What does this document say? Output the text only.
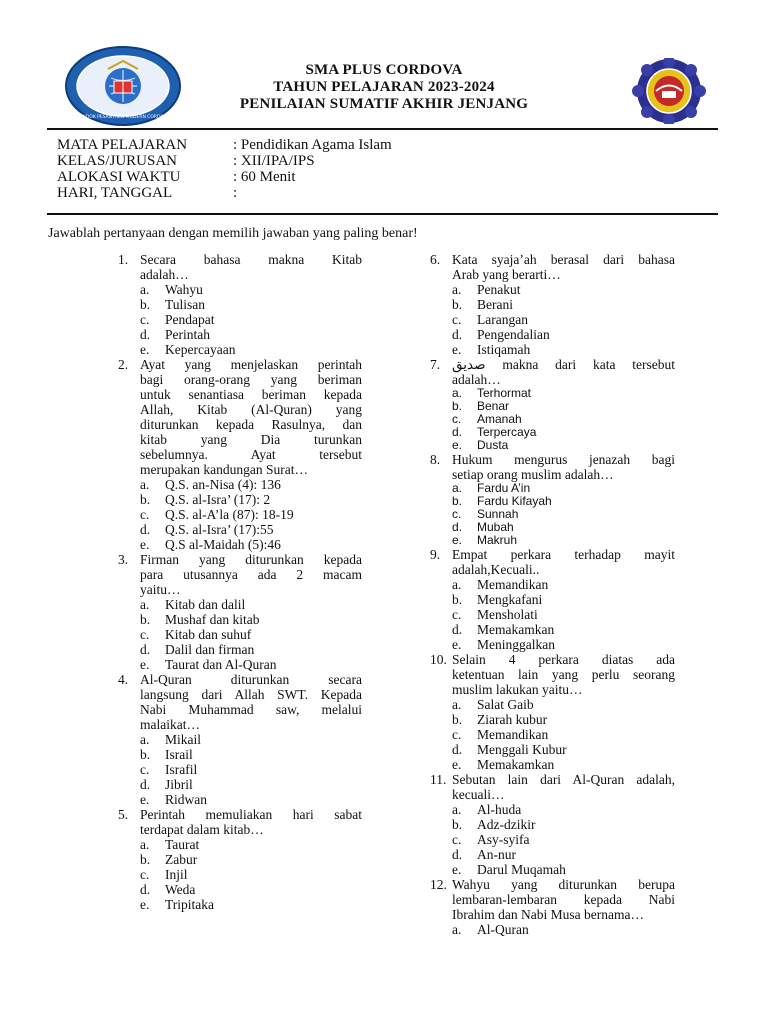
PONDOK PESANTREN MODERN CORDOVA
SMA PLUS CORDOVA
TAHUN PELAJARAN 2023-2024
PENILAIAN SUMATIF AKHIR JENJANG
MATA PELAJARAN	: Pendidikan Agama Islam
KELAS/JURUSAN	: XII/IPA/IPS
ALOKASI WAKTU	: 60 Menit
HARI, TANGGAL	:
Jawablah pertanyaan dengan memilih jawaban yang paling benar!
1. Secara bahasa makna Kitab
adalah…
a. Wahyu
b. Tulisan
c. Pendapat
d. Perintah
e. Kepercayaan
2. Ayat yang menjelaskan perintah
bagi orang-orang yang beriman
untuk senantiasa beriman kepada
Allah, Kitab (Al-Quran) yang
diturunkan kepada Rasulnya, dan
kitab yang Dia turunkan
sebelumnya. Ayat tersebut
merupakan kandungan Surat…
a. Q.S. an-Nisa (4): 136
b. Q.S. al-Isra’ (17): 2
c. Q.S. al-A’la (87): 18-19
d. Q.S. al-Isra’ (17):55
e. Q.S al-Maidah (5):46
3. Firman yang diturunkan kepada
para utusannya ada 2 macam
yaitu…
a. Kitab dan dalil
b. Mushaf dan kitab
c. Kitab dan suhuf
d. Dalil dan firman
e. Taurat dan Al-Quran
4. Al-Quran diturunkan secara
langsung dari Allah SWT. Kepada
Nabi Muhammad saw, melalui
malaikat…
a. Mikail
b. Israil
c. Israfil
d. Jibril
e. Ridwan
5. Perintah memuliakan hari sabat
terdapat dalam kitab…
a. Taurat
b. Zabur
c. Injil
d. Weda
e. Tripitaka
6. Kata syaja’ah berasal dari bahasa
Arab yang berarti…
a. Penakut
b. Berani
c. Larangan
d. Pengendalian
e. Istiqamah
7. صديق makna dari kata tersebut
adalah…
a. Terhormat
b. Benar
c. Amanah
d. Terpercaya
e. Dusta
8. Hukum mengurus jenazah bagi
setiap orang muslim adalah…
a. Fardu A’in
b. Fardu Kifayah
c. Sunnah
d. Mubah
e. Makruh
9. Empat perkara terhadap mayit
adalah,Kecuali..
a. Memandikan
b. Mengkafani
c. Mensholati
d. Memakamkan
e. Meninggalkan
10. Selain 4 perkara diatas ada
ketentuan lain yang perlu seorang
muslim lakukan yaitu…
a. Salat Gaib
b. Ziarah kubur
c. Memandikan
d. Menggali Kubur
e. Memakamkan
11. Sebutan lain dari Al-Quran adalah,
kecuali…
a. Al-huda
b. Adz-dzikir
c. Asy-syifa
d. An-nur
e. Darul Muqamah
12. Wahyu yang diturunkan berupa
lembaran-lembaran kepada Nabi
Ibrahim dan Nabi Musa bernama…
a. Al-Quran
